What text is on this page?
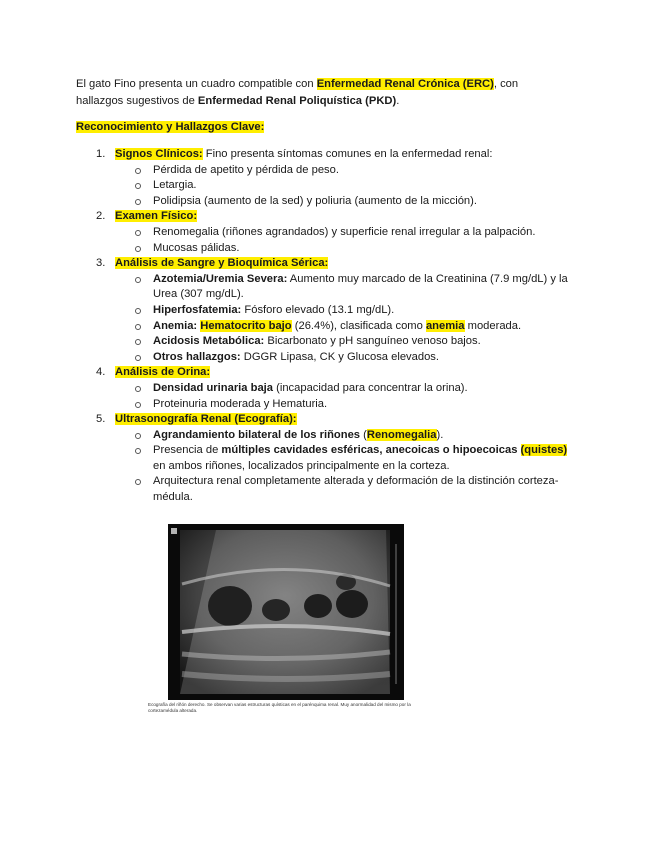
El gato Fino presenta un cuadro compatible con Enfermedad Renal Crónica (ERC), con hallazgos sugestivos de Enfermedad Renal Poliquística (PKD).

Reconocimiento y Hallazgos Clave:
1. Signos Clínicos: Fino presenta síntomas comunes en la enfermedad renal:
Pérdida de apetito y pérdida de peso.
Letargia.
Polidipsia (aumento de la sed) y poliuria (aumento de la micción).
2. Examen Físico:
Renomegalia (riñones agrandados) y superficie renal irregular a la palpación.
Mucosas pálidas.
3. Análisis de Sangre y Bioquímica Sérica:
Azotemia/Uremia Severa: Aumento muy marcado de la Creatinina (7.9 mg/dL) y la Urea (307 mg/dL).
Hiperfosfatemia: Fósforo elevado (13.1 mg/dL).
Anemia: Hematocrito bajo (26.4%), clasificada como anemia moderada.
Acidosis Metabólica: Bicarbonato y pH sanguíneo venoso bajos.
Otros hallazgos: DGGR Lipasa, CK y Glucosa elevados.
4. Análisis de Orina:
Densidad urinaria baja (incapacidad para concentrar la orina).
Proteinuria moderada y Hematuria.
5. Ultrasonografía Renal (Ecografía):
Agrandamiento bilateral de los riñones (Renomegalia).
Presencia de múltiples cavidades esféricas, anecoicas o hipoecoicas (quistes) en ambos riñones, localizados principalmente en la corteza.
Arquitectura renal completamente alterada y deformación de la distinción corteza-médula.
Ecografía del riñón derecho. Se observan varias estructuras quísticas en el parénquima renal. Muy anormalidad del mismo por la cortezamédula alterada.
